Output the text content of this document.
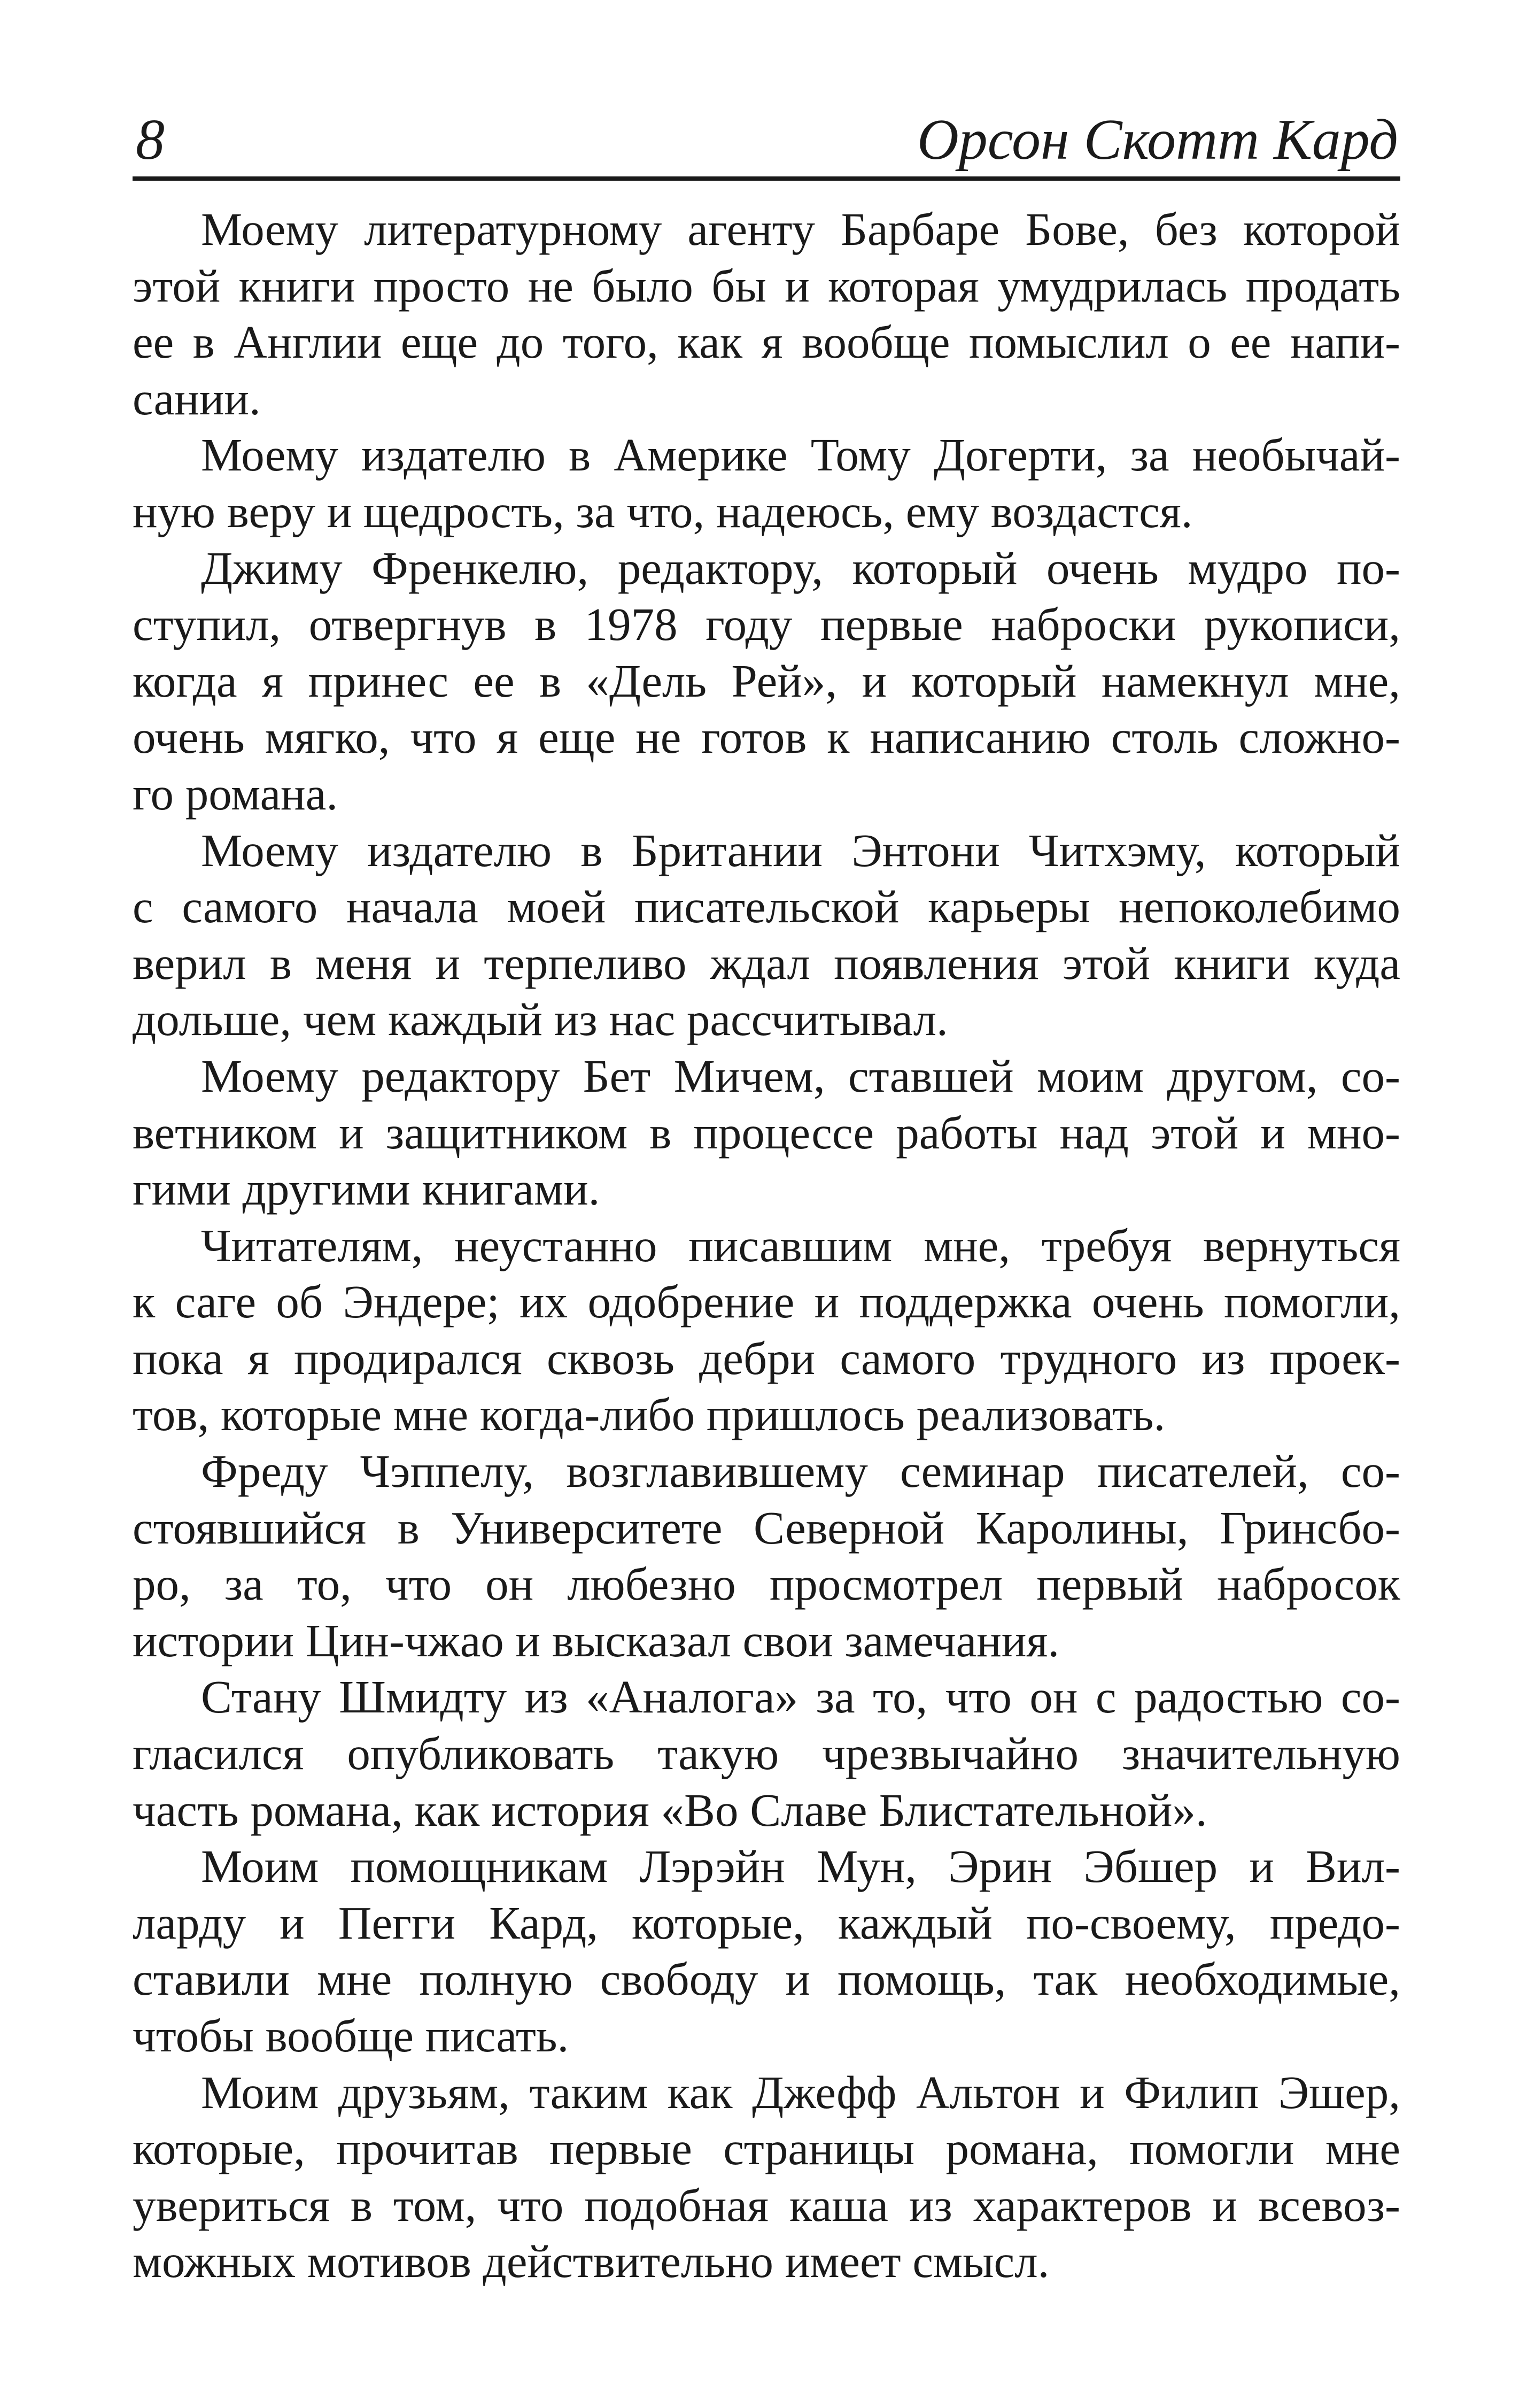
8	Орсон Скотт Кард
Моему литературному агенту Барбаре Бове, без которой
этой книги просто не было бы и которая умудрилась продать
ее в Англии еще до того, как я вообще помыслил о ее напи-
сании.
Моему издателю в Америке Тому Догерти, за необычай-
ную веру и щедрость, за что, надеюсь, ему воздастся.
Джиму Френкелю, редактору, который очень мудро по-
ступил, отвергнув в 1978 году первые наброски рукописи,
когда я принес ее в «Дель Рей», и который намекнул мне,
очень мягко, что я еще не готов к написанию столь сложно-
го романа.
Моему издателю в Британии Энтони Читхэму, который
с самого начала моей писательской карьеры непоколебимо
верил в меня и терпеливо ждал появления этой книги куда
дольше, чем каждый из нас рассчитывал.
Моему редактору Бет Мичем, ставшей моим другом, со-
ветником и защитником в процессе работы над этой и мно-
гими другими книгами.
Читателям, неустанно писавшим мне, требуя вернуться
к саге об Эндере; их одобрение и поддержка очень помогли,
пока я продирался сквозь дебри самого трудного из проек-
тов, которые мне когда-либо пришлось реализовать.
Фреду Чэппелу, возглавившему семинар писателей, со-
стоявшийся в Университете Северной Каролины, Гринсбо-
ро, за то, что он любезно просмотрел первый набросок
истории Цин-чжао и высказал свои замечания.
Стану Шмидту из «Аналога» за то, что он с радостью со-
гласился опубликовать такую чрезвычайно значительную
часть романа, как история «Во Славе Блистательной».
Моим помощникам Лэрэйн Мун, Эрин Эбшер и Вил-
ларду и Пегги Кард, которые, каждый по-своему, предо-
ставили мне полную свободу и помощь, так необходимые,
чтобы вообще писать.
Моим друзьям, таким как Джефф Альтон и Филип Эшер,
которые, прочитав первые страницы романа, помогли мне
увериться в том, что подобная каша из характеров и всевоз-
можных мотивов действительно имеет смысл.
